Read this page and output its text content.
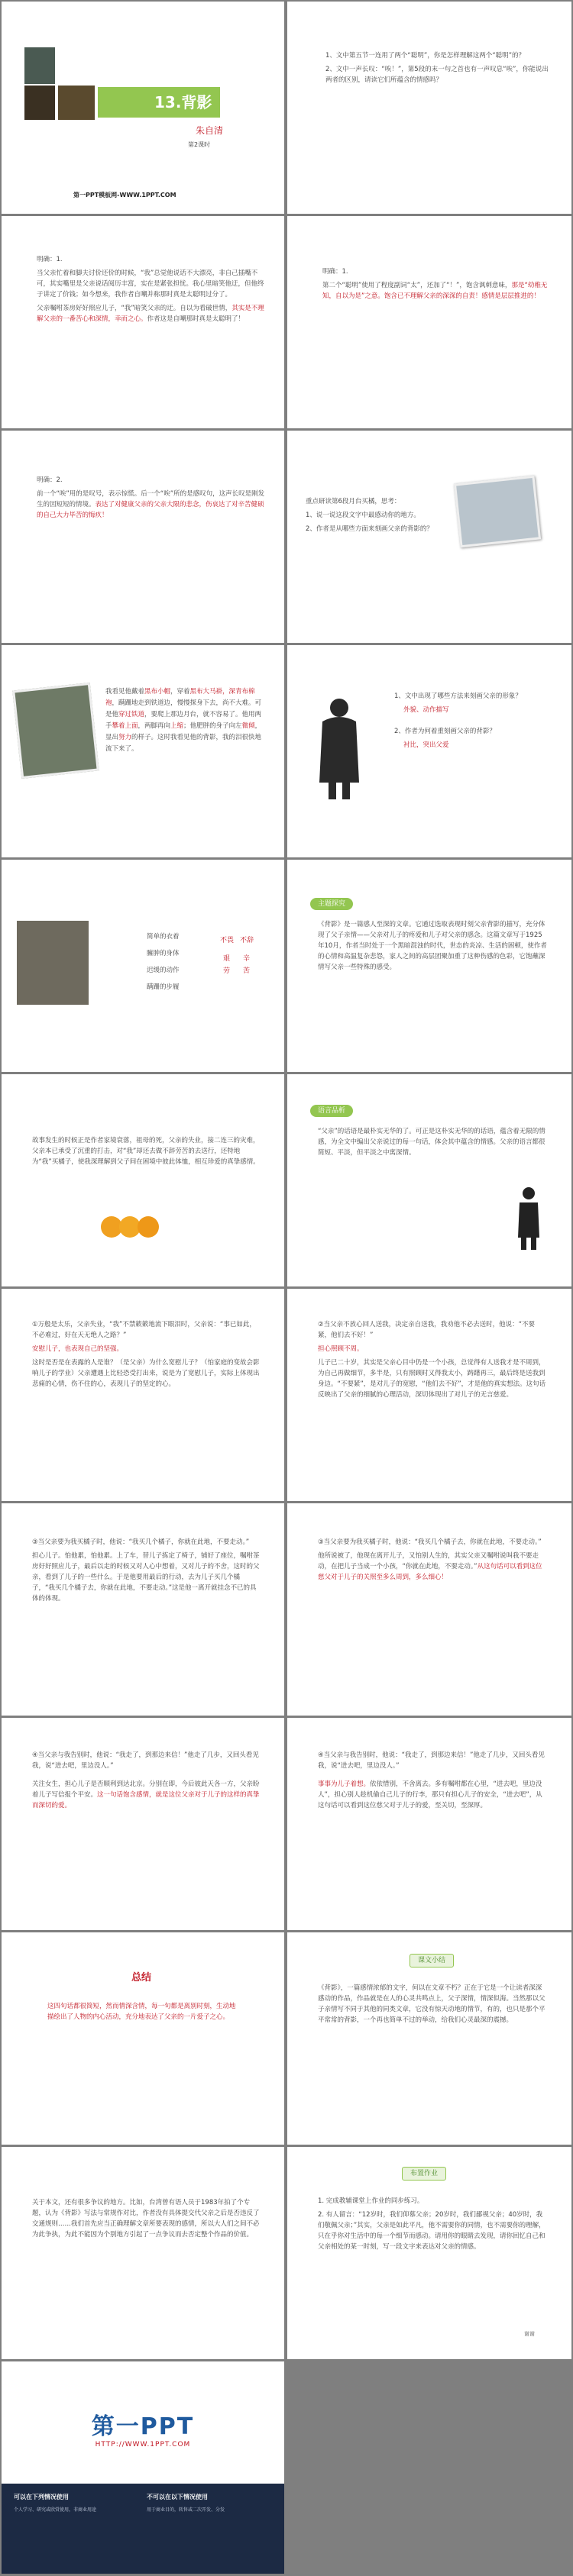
13.背影
朱自清
第2课时
第一PPT模板网-WWW.1PPT.COM

1、文中第五节一连用了两个“聪明”，你是怎样理解这两个“聪明”的？

2、文中一声长叹：“唉！”，第5段的末一句之首也有一声叹息“唉”，你能说出两者的区别，请读它们所蕴含的情感吗？

明确：1.

当父亲忙着和脚夫讨价还价的时候，“我”总觉他说话不大漂亮，非自己插嘴不可，其实嘴里是父亲说话阅历丰富，实在是紧张担忧。我心里暗笑他迂，但他终于讲定了价钱；如今想来，我作者自嘲并称那时真是太聪明过分了。

父亲嘱咐茶房好好照应儿子，“我”暗笑父亲的迂。自以为看破世情，其实是不理解父亲的一番苦心和深情，幸而之心。作者这是自嘲那时真是太聪明了！

明确：1.

第二个“聪明”使用了程度副词“太”，还加了“！”，饱含讽刺意味，那是“幼稚无知，自以为是”之意。饱含已不理解父亲的深深的自责！感情是层层推进的！

明确：2.

前一个“唉”用的是叹号，表示惊慌。后一个“唉”所的是感叹句，这声长叹是刚发生的因短短的情境。表达了对健康父亲的父亲大限的悲念，伤哀达了对辛苦健硕的自己大力毕苦的悔疚！

重点研读第6段月台买橘，思考：

1、说一说这段文字中最感动你的地方。

2、作者是从哪些方面来刻画父亲的背影的？

我看见他戴着黑布小帽，穿着黑布大马褂，深青布棉袍，蹒跚地走到铁道边，慢慢探身下去，尚不大难。可是他穿过铁道，要爬上那边月台，就不容易了。他用两手攀着上面，两脚再向上缩；他肥胖的身子向左微倾，显出努力的样子。这时我看见他的背影，我的泪很快地流下来了。

1、文中出现了哪些方法来刻画父亲的形象？

外貌、动作描写

2、作者为何着重刻画父亲的背影？

衬比，突出父爱

简单的衣着
臃肿的身体
迟缓的动作
蹒跚的步履
不畏 不辞
艰 辛
劳 苦
主题探究
《背影》是一篇感人至深的文章。它通过选取表现时刻父亲背影的描写，充分体现了父子亲情——父亲对儿子的疼爱和儿子对父亲的感念。这篇文章写于1925年10月，作者当时处于一个黑暗混浊的时代，世态的炎凉、生活的困顿，使作者的心情和高温复杂悲怨，家人之间的高层团聚加重了这种伤感的色彩，它饱蘸深情写父亲一些特殊的感受。
故事发生的时候正是作者家境衰落，祖母的死，父亲的失业，接二连三的灾难，父亲本已承受了沉重的打击，对“我”却还去做不辞劳苦的去送行，还特地为“我”买橘子，使我深理解到父子间在困境中彼此体恤，相互珍爱的真挚感情。
语言品析
“父亲”的话语是最朴实无华的了。可正是这朴实无华的的话语，蕴含着无限的情感，为全文中编出父亲说过的每一句话，体会其中蕴含的情感。父亲的语言都很简短、平淡，但平淡之中寓深情。

①万般是太乐，父亲失业，“我”不禁簌簌地流下眼泪时，父亲说：“事已如此，不必难过，好在天无绝人之路？”

安慰儿子，也表现自己的坚强。

这时是否是在表露的人是谁？（是父亲）为什么宽慰儿子？（怕家庭的变故会影响儿子的学业）父亲遭遇上比轻恐受打出来，说是为了宽慰儿子，实际上体现出悲痛的心情，伤不住的心，表现儿子的坚定的心。

②当父亲不放心回人送我，决定亲自送我，我劝他不必去送时，他说：“不要紧，他们去不好！”

担心照顾不周。

儿子已二十岁，其实是父亲心目中仍是一个小孩，总觉得有人送我才是不周到，为自己再做细节，多半是，只有照顾时又得我太小，踌躇再三，最后终是送我到身边。“不要紧”，是对儿子的宽慰，“他们去不好”，才是他的真实想法。这句话反映出了父亲的细腻的心理活动，深切体现出了对儿子的无言慈爱。

③当父亲要为我买橘子时，他说：“我买几个橘子，你就在此地，不要走动。”

担心儿子。怕他累，怕他累。上了车，替儿子拣定了椅子，铺好了座位，嘱咐茶房好好照应儿子，最后以走的时候又对人心中想着，又对儿子的不舍，这时的父亲，看到了儿子的一些什么。于是他要用最后的行动，去为儿子买几个橘子，“我买几个橘子去，你就在此地，不要走动。”这是他一离开就挂念不已的具体的体现。

③当父亲要为我买橘子时，他说：“我买几个橘子去，你就在此地，不要走动。”

他所说被了，他现在离开儿子，又怕别人生的，其实父亲又嘱咐说叫我不要走动，在把儿子当成一个小孩，“你就在此地，不要走动。”从这句话可以看到这位慈父对于儿子的关照至多么周到，多么细心！

④当父亲与我告别时，他说：“我走了，到那边来信！”他走了几步，又回头看见我，说“进去吧，里边没人。”

关注女生，担心儿子是否顺利到达北京。分别在即，今后彼此天各一方，父亲盼着儿子写信报个平安。这一句话饱含感情，就是这位父亲对于儿子的这样的真挚而深切的爱。

④当父亲与我告别时，他说：“我走了，到那边来信！”他走了几步，又回头看见我，说“进去吧，里边没人。”

事事为儿子着想。依依惜别，不舍离去。多有嘱咐都在心里，“进去吧，里边没人”，担心别人趁机偷自己儿子的行李，那只有担心儿子的安全，“进去吧”，从这句话可以看到这位慈父对于儿子的爱，至关切，至深厚。

总结
这四句话都很简短，然而情深含情，每一句都是离别时刻，生动地描绘出了人物的内心活动，充分地表达了父亲的一片爱子之心。
课文小结
《背影》，一篇感情浓郁的文字，何以在文章不朽？正在于它是一个让读者深深感动的作品，作品就是在人的心灵共鸣点上，父子深情，情深似海。当然那以父子亲情写不同于其他的同类文章，它没有惊天动地的情节，有的，也只是那个平平常常的背影，一个再也简单不过的举动，给我们心灵最深的震撼。
关于本文，还有很多争议的地方。比如，台湾曾有语人员于1983年拍了个专题，认为《背影》写法与常规作对比，作者没有具体提交代父亲之后是否违反了交通规则……我们首先应当正确理解文章所要表现的感情，所以大人们之间不必为此争执，为此不能因为个别地方引起了一点争议而去否定整个作品的价值。
布置作业

1. 完成教辅课堂上作业的同步练习。

2. 有人留言：“12岁时，我们仰慕父亲；20岁时，我们鄙视父亲；40岁时，我们敬佩父亲；”其实，父亲是如此平凡，他不需要你的同情，也不需要你的理解，只在乎你对生活中的每一个细节而感动。请用你的眼睛去发现，请你回忆自己和父亲相处的某一时刻，写一段文字来表达对父亲的情感。

谢谢
第一PPT
HTTP://WWW.1PPT.COM
可以在下列情况使用	不可以在以下情况使用
个人学习、研究或欣赏使用，非商业用途	用于商业目的，转售或二次开发、分发
